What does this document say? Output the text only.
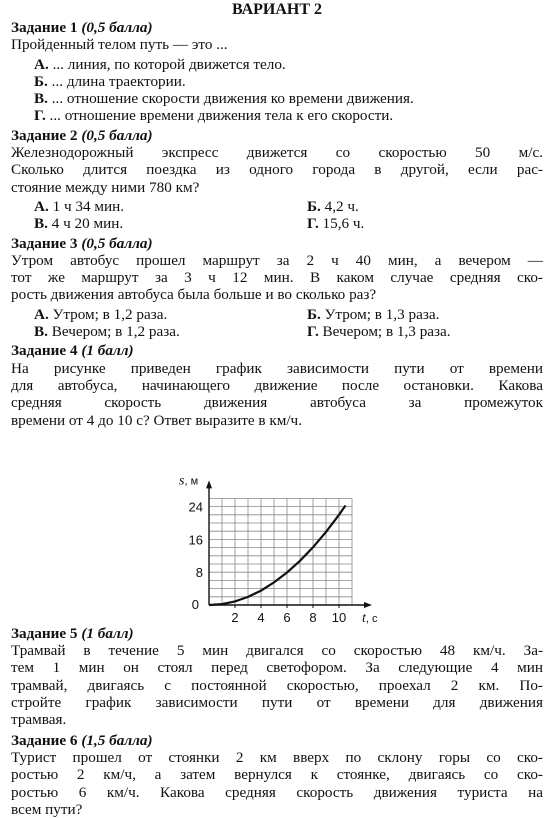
ВАРИАНТ 2
Задание 1 (0,5 балла)
Пройденный телом путь — это ...
А. ... линия, по которой движется тело.
Б. ... длина траектории.
В. ... отношение скорости движения ко времени движения.
Г. ... отношение времени движения тела к его скорости.
Задание 2 (0,5 балла)
Железнодорожный экспресс движется со скоростью 50 м/с.
Сколько длится поездка из одного города в другой, если рас-
стояние между ними 780 км?
А. 1 ч 34 мин.	Б. 4,2 ч.
В. 4 ч 20 мин.	Г. 15,6 ч.
Задание 3 (0,5 балла)
Утром автобус прошел маршрут за 2 ч 40 мин, а вечером —
тот же маршрут за 3 ч 12 мин. В каком случае средняя ско-
рость движения автобуса была больше и во сколько раз?
А. Утром; в 1,2 раза.	Б. Утром; в 1,3 раза.
В. Вечером; в 1,2 раза.	Г. Вечером; в 1,3 раза.
Задание 4 (1 балл)
На рисунке приведен график зависимости пути от времени
для автобуса, начинающего движение после остановки. Какова
средняя скорость движения автобуса за промежуток
времени от 4 до 10 с? Ответ выразите в км/ч.
2 4 6 8 10
8
16
24
0
t, с
s, м
Задание 5 (1 балл)
Трамвай в течение 5 мин двигался со скоростью 48 км/ч. За-
тем 1 мин он стоял перед светофором. За следующие 4 мин
трамвай, двигаясь с постоянной скоростью, проехал 2 км. По-
стройте график зависимости пути от времени для движения
трамвая.
Задание 6 (1,5 балла)
Турист прошел от стоянки 2 км вверх по склону горы со ско-
ростью 2 км/ч, а затем вернулся к стоянке, двигаясь со ско-
ростью 6 км/ч. Какова средняя скорость движения туриста на
всем пути?
